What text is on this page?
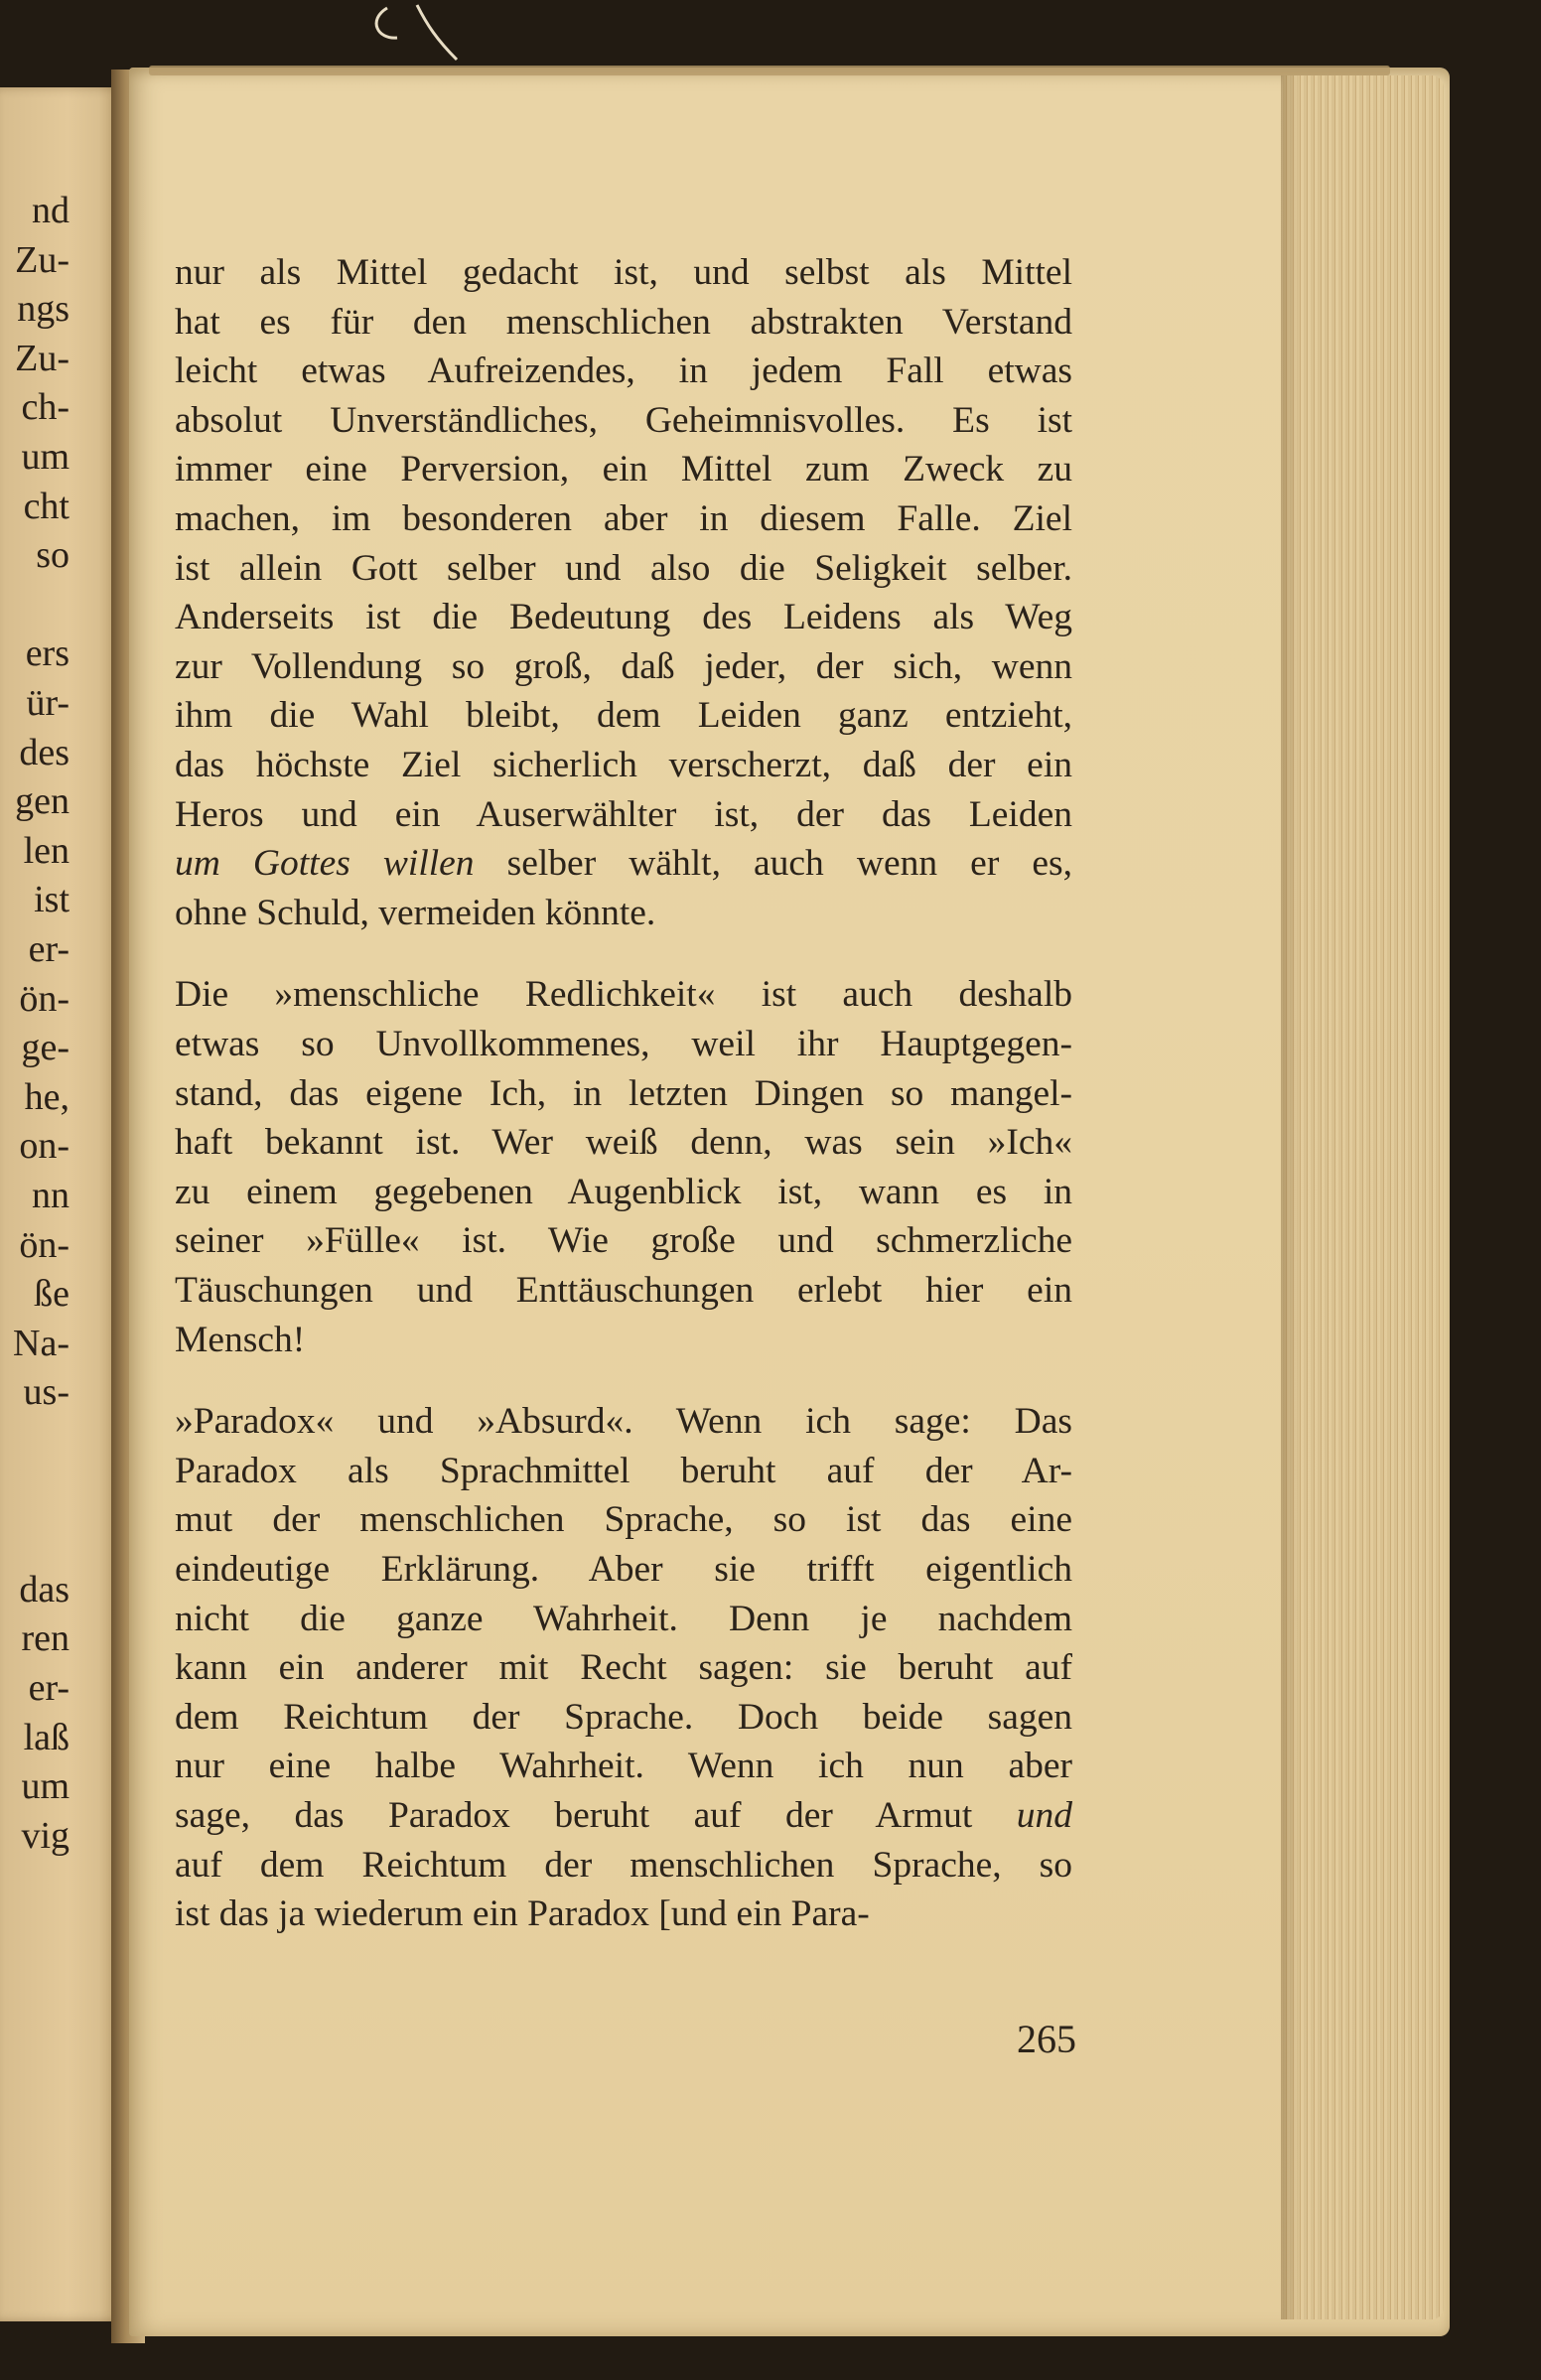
nd
Zu-
ngs
Zu-
ch-
um
cht
so
ers
ür-
des
gen
len
ist
er-
ön-
ge-
he,
on-
nn
ön-
ße
Na-
us-
das
ren
er-
laß
um
vig
nur als Mittel gedacht ist, und selbst als Mittel
hat es für den menschlichen abstrakten Verstand
leicht etwas Aufreizendes, in jedem Fall etwas
absolut Unverständliches, Geheimnisvolles. Es ist
immer eine Perversion, ein Mittel zum Zweck zu
machen, im besonderen aber in diesem Falle. Ziel
ist allein Gott selber und also die Seligkeit selber.
Anderseits ist die Bedeutung des Leidens als Weg
zur Vollendung so groß, daß jeder, der sich, wenn
ihm die Wahl bleibt, dem Leiden ganz entzieht,
das höchste Ziel sicherlich verscherzt, daß der ein
Heros und ein Auserwählter ist, der das Leiden
um Gottes willen selber wählt, auch wenn er es,
ohne Schuld, vermeiden könnte.
Die »menschliche Redlichkeit« ist auch deshalb
etwas so Unvollkommenes, weil ihr Hauptgegen-
stand, das eigene Ich, in letzten Dingen so mangel-
haft bekannt ist. Wer weiß denn, was sein »Ich«
zu einem gegebenen Augenblick ist, wann es in
seiner »Fülle« ist. Wie große und schmerzliche
Täuschungen und Enttäuschungen erlebt hier ein
Mensch!
»Paradox« und »Absurd«. Wenn ich sage: Das
Paradox als Sprachmittel beruht auf der Ar-
mut der menschlichen Sprache, so ist das eine
eindeutige Erklärung. Aber sie trifft eigentlich
nicht die ganze Wahrheit. Denn je nachdem
kann ein anderer mit Recht sagen: sie beruht auf
dem Reichtum der Sprache. Doch beide sagen
nur eine halbe Wahrheit. Wenn ich nun aber
sage, das Paradox beruht auf der Armut und
auf dem Reichtum der menschlichen Sprache, so
ist das ja wiederum ein Paradox [und ein Para-
265
